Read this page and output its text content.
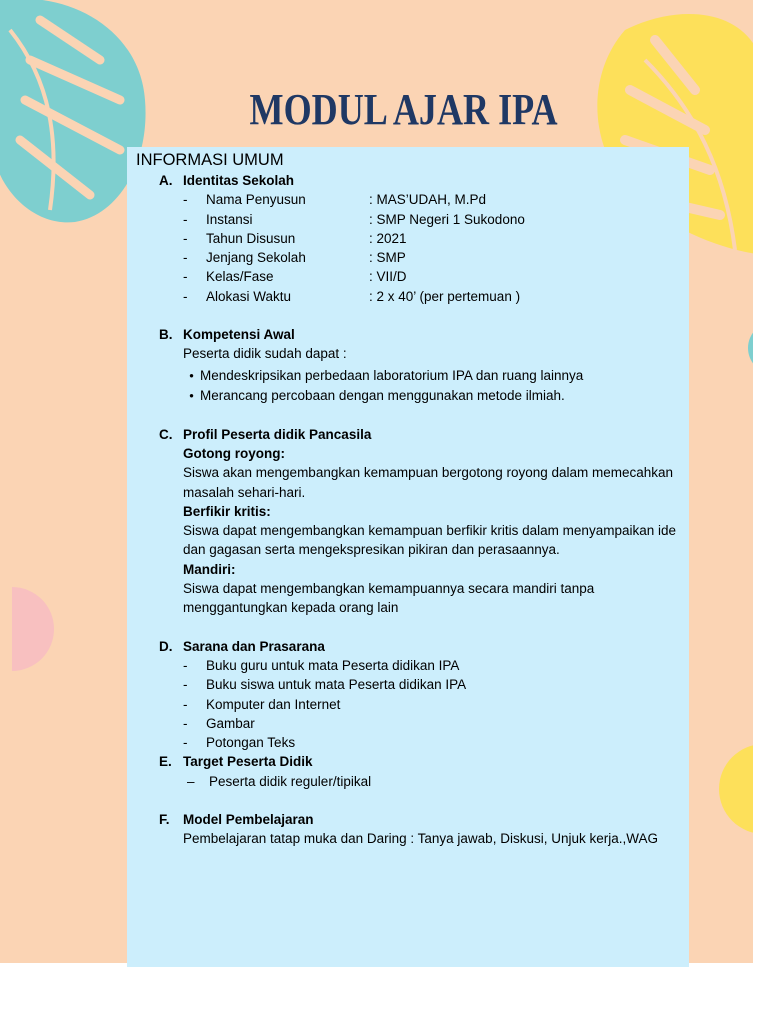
MODUL AJAR IPA
INFORMASI UMUM
A. Identitas Sekolah
-	Nama Penyusun	: MAS’UDAH, M.Pd
-	Instansi	: SMP Negeri 1 Sukodono
-	Tahun Disusun	: 2021
-	Jenjang Sekolah	: SMP
-	Kelas/Fase	: VII/D
-	Alokasi Waktu	: 2 x 40’ (per pertemuan )
B. Kompetensi Awal
Peserta didik sudah dapat :
● Mendeskripsikan perbedaan laboratorium IPA dan ruang lainnya
● Merancang percobaan dengan menggunakan metode ilmiah.
C. Profil Peserta didik Pancasila
Gotong royong:
Siswa akan mengembangkan kemampuan bergotong royong dalam memecahkan masalah sehari-hari.
Berfikir kritis:
Siswa dapat mengembangkan kemampuan berfikir kritis dalam menyampaikan ide dan gagasan serta mengekspresikan pikiran dan perasaannya.
Mandiri:
Siswa dapat mengembangkan kemampuannya secara mandiri tanpa menggantungkan kepada orang lain
D. Sarana dan Prasarana
-	Buku guru untuk mata Peserta didikan IPA
-	Buku siswa untuk mata Peserta didikan IPA
-	Komputer dan Internet
-	Gambar
-	Potongan Teks
E. Target Peserta Didik
–	Peserta didik reguler/tipikal
F. Model Pembelajaran
Pembelajaran tatap muka dan Daring : Tanya jawab, Diskusi, Unjuk kerja.,WAG
